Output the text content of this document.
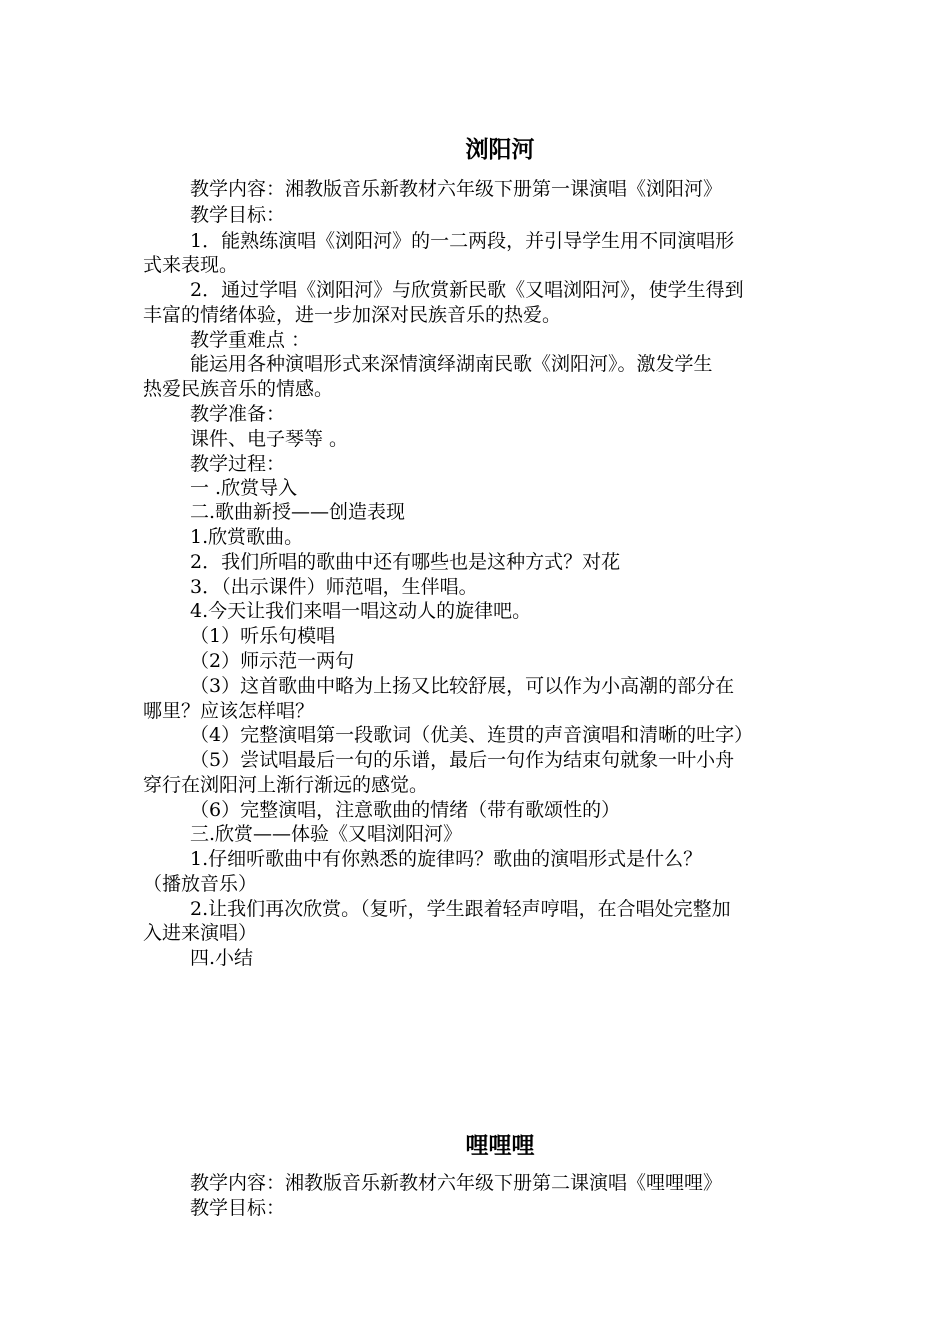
浏阳河
教学内容：湘教版音乐新教材六年级下册第一课演唱《浏阳河》
教学目标：
1．能熟练演唱《浏阳河》的一二两段，并引导学生用不同演唱形
式来表现。
2．通过学唱《浏阳河》与欣赏新民歌《又唱浏阳河》，使学生得到
丰富的情绪体验，进一步加深对民族音乐的热爱。
教学重难点 ：
能运用各种演唱形式来深情演绎湖南民歌《浏阳河》。激发学生
热爱民族音乐的情感。
教学准备：
课件、电子琴等 。
教学过程：
一 .欣赏导入
二.歌曲新授——创造表现
1.欣赏歌曲。
2．我们所唱的歌曲中还有哪些也是这种方式？对花
3．（出示课件）师范唱，生伴唱。
4.今天让我们来唱一唱这动人的旋律吧。
（1）听乐句模唱
（2）师示范一两句
（3）这首歌曲中略为上扬又比较舒展，可以作为小高潮的部分在
哪里？应该怎样唱？
（4）完整演唱第一段歌词（优美、连贯的声音演唱和清晰的吐字）
（5）尝试唱最后一句的乐谱，最后一句作为结束句就象一叶小舟
穿行在浏阳河上渐行渐远的感觉。
（6）完整演唱，注意歌曲的情绪（带有歌颂性的）
三.欣赏——体验《又唱浏阳河》
1.仔细听歌曲中有你熟悉的旋律吗？歌曲的演唱形式是什么？
（播放音乐）
2.让我们再次欣赏。（复听，学生跟着轻声哼唱，在合唱处完整加
入进来演唱）
四.小结
哩哩哩
教学内容：湘教版音乐新教材六年级下册第二课演唱《哩哩哩》
教学目标：
